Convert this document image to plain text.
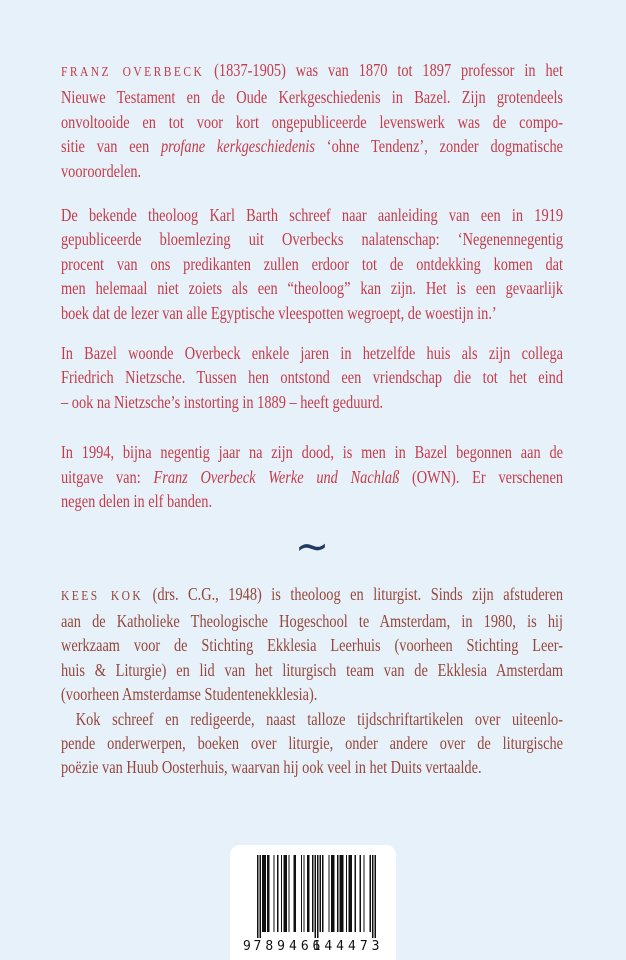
FRANZ OVERBECK (1837-1905) was van 1870 tot 1897 professor in het
Nieuwe Testament en de Oude Kerkgeschiedenis in Bazel. Zijn grotendeels
onvoltooide en tot voor kort ongepubliceerde levenswerk was de compo-
sitie van een profane kerkgeschiedenis ‘ohne Tendenz’, zonder dogmatische
vooroordelen.
De bekende theoloog Karl Barth schreef naar aanleiding van een in 1919
gepubliceerde bloemlezing uit Overbecks nalatenschap: ‘Negenennegentig
procent van ons predikanten zullen erdoor tot de ontdekking komen dat
men helemaal niet zoiets als een “theoloog” kan zijn. Het is een gevaarlijk
boek dat de lezer van alle Egyptische vleespotten wegroept, de woestijn in.’
In Bazel woonde Overbeck enkele jaren in hetzelfde huis als zijn collega
Friedrich Nietzsche. Tussen hen ontstond een vriendschap die tot het eind
– ook na Nietzsche’s instorting in 1889 – heeft geduurd.
In 1994, bijna negentig jaar na zijn dood, is men in Bazel begonnen aan de
uitgave van: Franz Overbeck Werke und Nachlaß (OWN). Er verschenen
negen delen in elf banden.
∼
KEES KOK (drs. C.G., 1948) is theoloog en liturgist. Sinds zijn afstuderen
aan de Katholieke Theologische Hogeschool te Amsterdam, in 1980, is hij
werkzaam voor de Stichting Ekklesia Leerhuis (voorheen Stichting Leer-
huis & Liturgie) en lid van het liturgisch team van de Ekklesia Amsterdam
(voorheen Amsterdamse Studentenekklesia).
Kok schreef en redigeerde, naast talloze tijdschriftartikelen over uiteenlo-
pende onderwerpen, boeken over liturgie, onder andere over de liturgische
poëzie van Huub Oosterhuis, waarvan hij ook veel in het Duits vertaalde.
9
789461
644473
